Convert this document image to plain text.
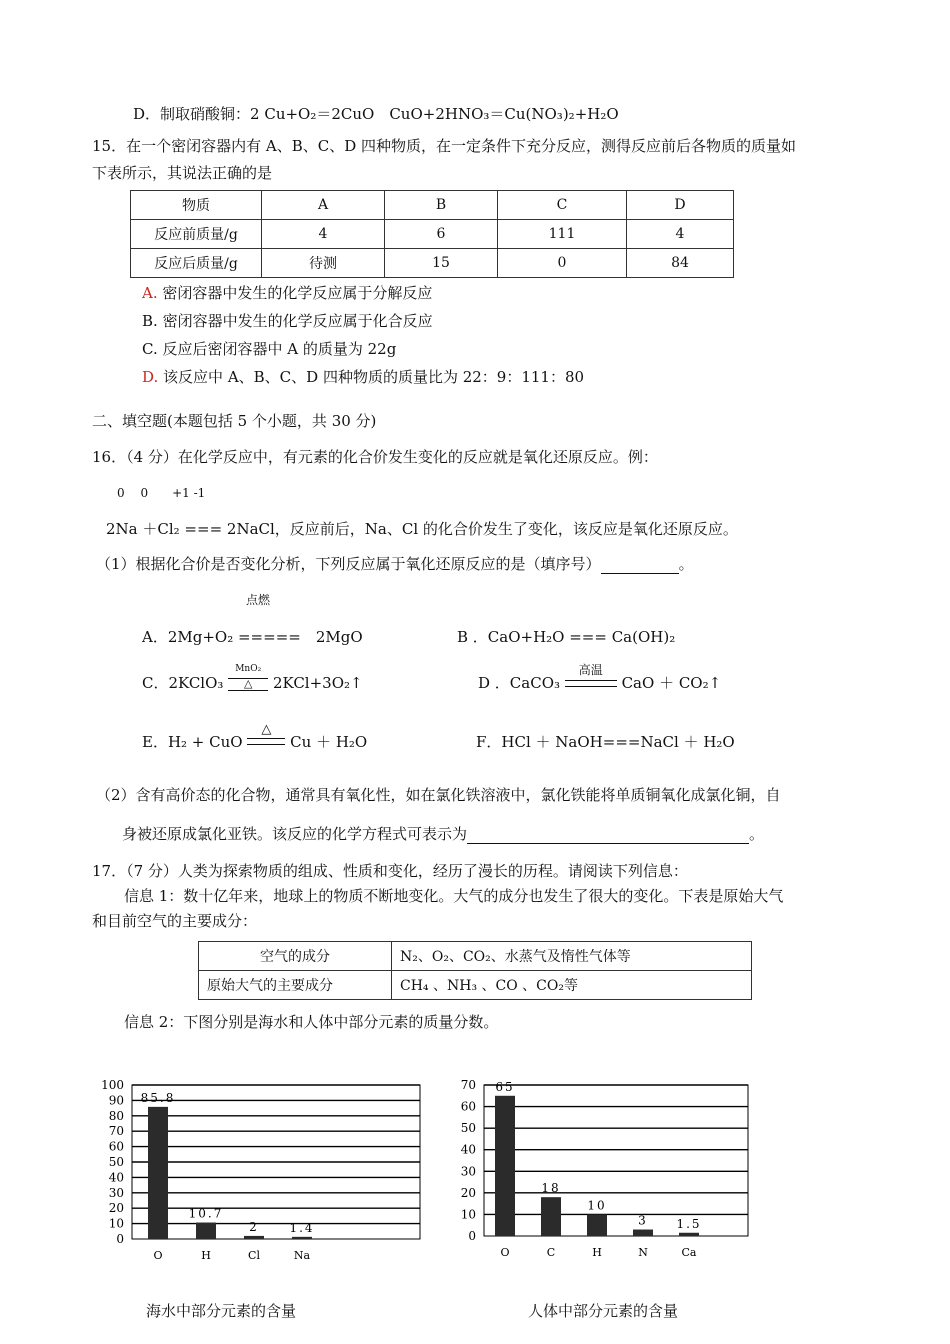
D．制取硝酸铜：2 Cu+O₂＝2CuO　CuO+2HNO₃＝Cu(NO₃)₂+H₂O
15．在一个密闭容器内有 A、B、C、D 四种物质，在一定条件下充分反应，测得反应前后各物质的质量如
下表所示，其说法正确的是
物质	A	B	C	D
反应前质量/g	4	6	111	4
反应后质量/g	待测	15	0	84
A. 密闭容器中发生的化学反应属于分解反应
B. 密闭容器中发生的化学反应属于化合反应
C. 反应后密闭容器中 A 的质量为 22g
D. 该反应中 A、B、C、D 四种物质的质量比为 22：9：111：80
二、填空题(本题包括 5 个小题，共 30 分)
16．（4 分）在化学反应中，有元素的化合价发生变化的反应就是氧化还原反应。例：
0　 0　　+1 -1
2Na ＋Cl₂ === 2NaCl，反应前后，Na、Cl 的化合价发生了变化，该反应是氧化还原反应。
（1）根据化合价是否变化分析，下列反应属于氧化还原反应的是（填序号）	。
点燃
A．2Mg+O₂ =====　2MgO	B ．CaO+H₂O === Ca(OH)₂
C．2KClO₃
MnO₂
△	2KCl+3O₂↑	D ．CaCO₃
高温
CaO ＋ CO₂↑
E．H₂ + CuO
△
Cu ＋ H₂O	F．HCl ＋ NaOH===NaCl ＋ H₂O
（2）含有高价态的化合物，通常具有氧化性，如在氯化铁溶液中，氯化铁能将单质铜氧化成氯化铜，自
身被还原成氯化亚铁。该反应的化学方程式可表示为	。
17．（7 分）人类为探索物质的组成、性质和变化，经历了漫长的历程。请阅读下列信息：
信息 1：数十亿年来，地球上的物质不断地变化。大气的成分也发生了很大的变化。下表是原始大气
和目前空气的主要成分：
空气的成分	N₂、O₂、CO₂、水蒸气及惰性气体等
原始大气的主要成分	CH₄ 、NH₃ 、CO 、CO₂等
信息 2：下图分别是海水和人体中部分元素的质量分数。
0
10
20
30
40
50
60
70
80
90
100
85.8
O
10.7
H
2
Cl
1.4
Na
0
10
20
30
40
50
60
70 65
O
18
C
10
H
3
N
1.5
Ca
海水中部分元素的含量	人体中部分元素的含量
